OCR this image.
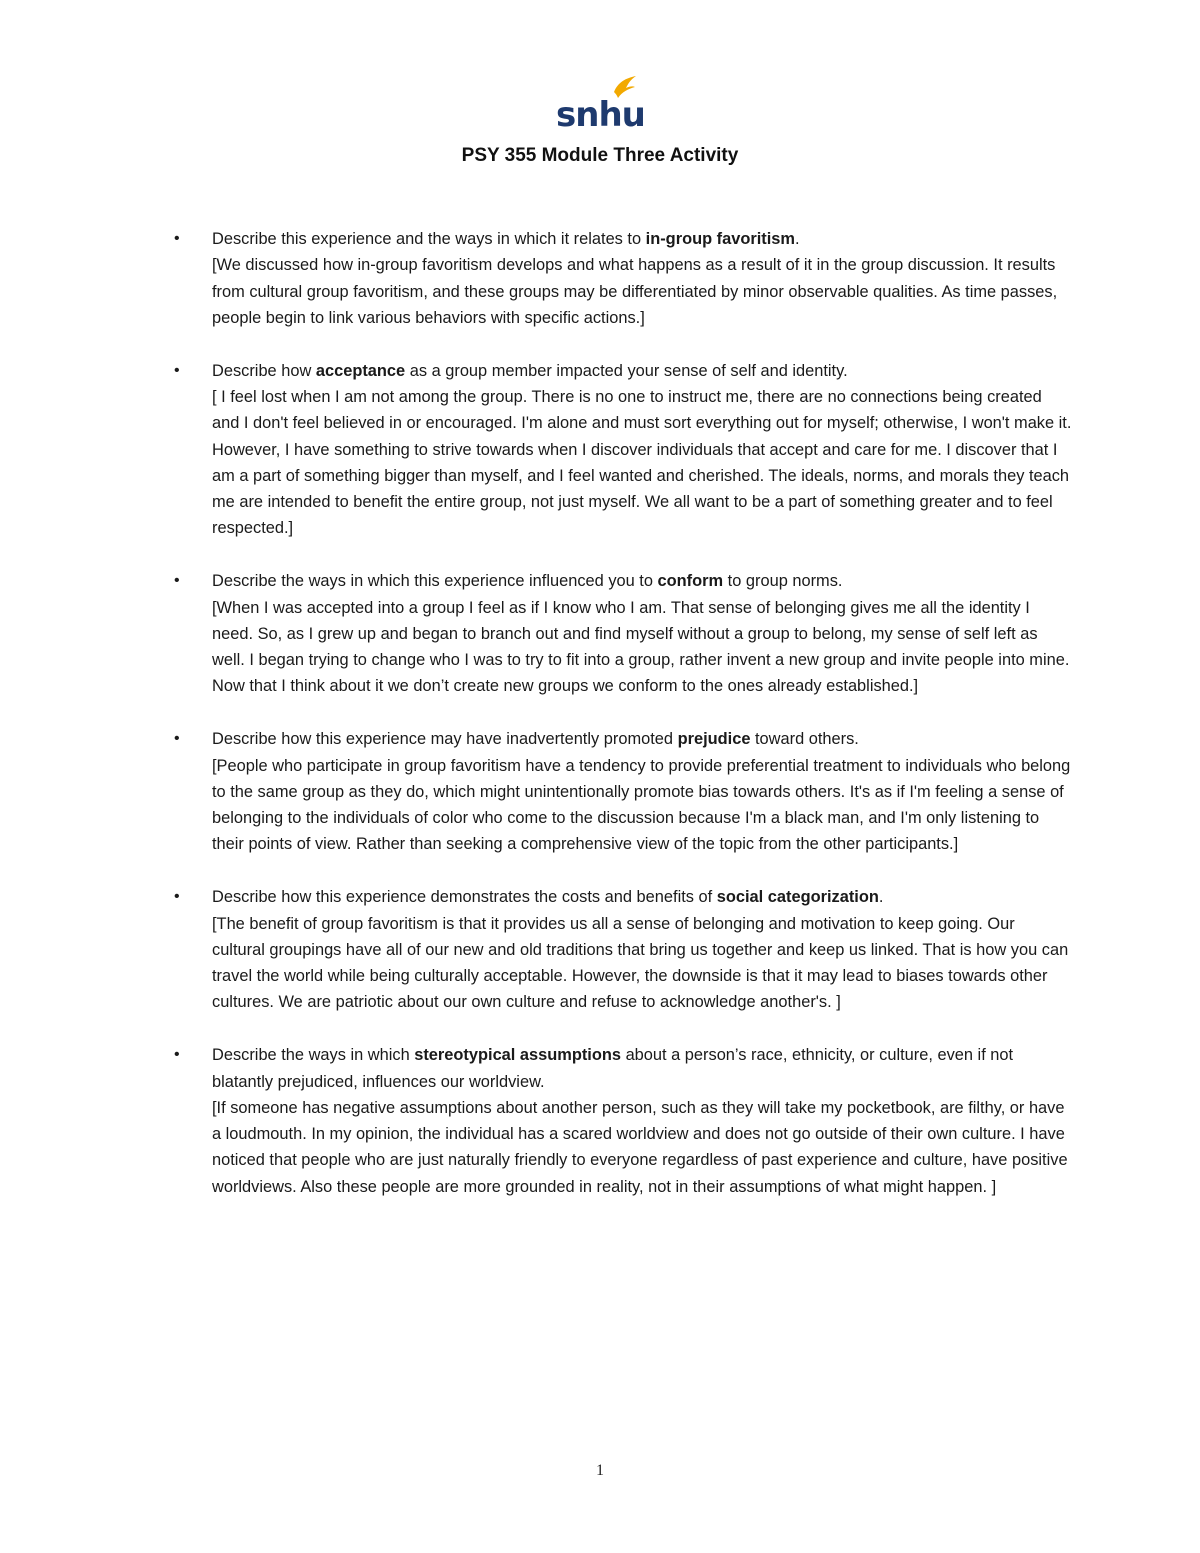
snhu
PSY 355 Module Three Activity
• Describe this experience and the ways in which it relates to in-group favoritism.
[We discussed how in-group favoritism develops and what happens as a result of it in the group discussion. It results from cultural group favoritism, and these groups may be differentiated by minor observable qualities. As time passes, people begin to link various behaviors with specific actions.]
• Describe how acceptance as a group member impacted your sense of self and identity.
[ I feel lost when I am not among the group. There is no one to instruct me, there are no connections being created and I don't feel believed in or encouraged. I'm alone and must sort everything out for myself; otherwise, I won't make it. However, I have something to strive towards when I discover individuals that accept and care for me. I discover that I am a part of something bigger than myself, and I feel wanted and cherished. The ideals, norms, and morals they teach me are intended to benefit the entire group, not just myself. We all want to be a part of something greater and to feel respected.]
• Describe the ways in which this experience influenced you to conform to group norms.
[When I was accepted into a group I feel as if I know who I am. That sense of belonging gives me all the identity I need. So, as I grew up and began to branch out and find myself without a group to belong, my sense of self left as well. I began trying to change who I was to try to fit into a group, rather invent a new group and invite people into mine. Now that I think about it we don’t create new groups we conform to the ones already established.]
• Describe how this experience may have inadvertently promoted prejudice toward others.
[People who participate in group favoritism have a tendency to provide preferential treatment to individuals who belong to the same group as they do, which might unintentionally promote bias towards others. It's as if I'm feeling a sense of belonging to the individuals of color who come to the discussion because I'm a black man, and I'm only listening to their points of view. Rather than seeking a comprehensive view of the topic from the other participants.]
• Describe how this experience demonstrates the costs and benefits of social categorization.
[The benefit of group favoritism is that it provides us all a sense of belonging and motivation to keep going. Our cultural groupings have all of our new and old traditions that bring us together and keep us linked. That is how you can travel the world while being culturally acceptable. However, the downside is that it may lead to biases towards other cultures. We are patriotic about our own culture and refuse to acknowledge another's. ]
• Describe the ways in which stereotypical assumptions about a person’s race, ethnicity, or culture, even if not blatantly prejudiced, influences our worldview.
[If someone has negative assumptions about another person, such as they will take my pocketbook, are filthy, or have a loudmouth. In my opinion, the individual has a scared worldview and does not go outside of their own culture. I have noticed that people who are just naturally friendly to everyone regardless of past experience and culture, have positive worldviews. Also these people are more grounded in reality, not in their assumptions of what might happen. ]
1
